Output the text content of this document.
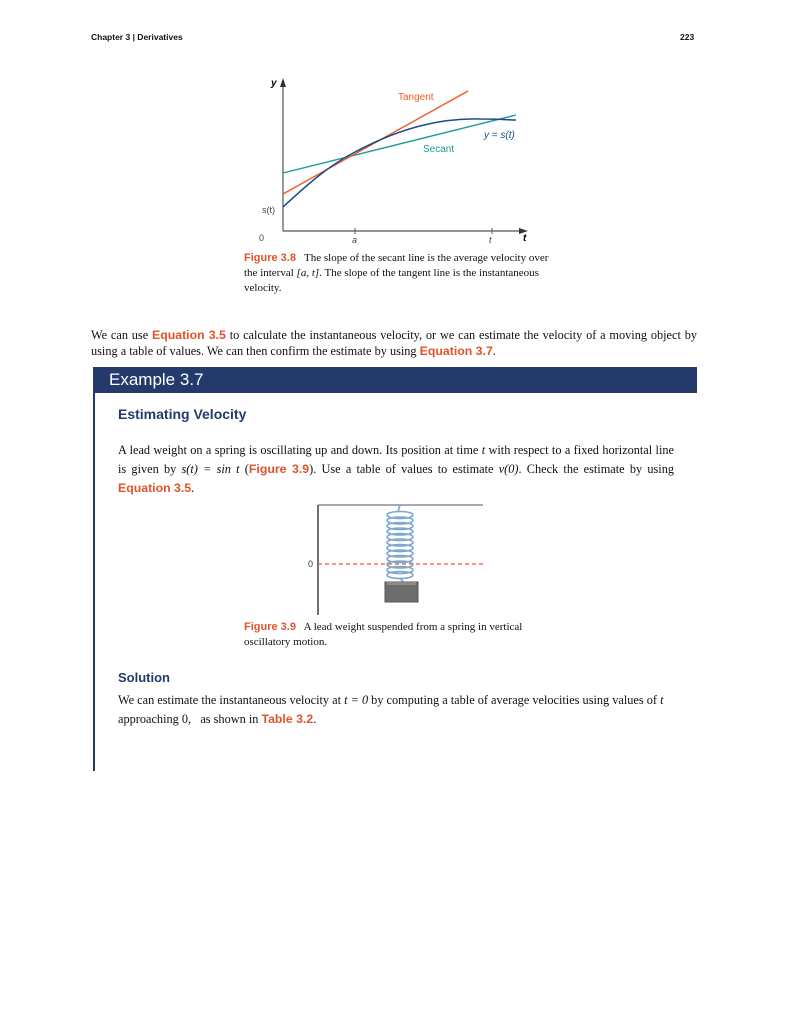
Chapter 3 | Derivatives	223
y
t
0	a	t
s(t)
Tangent
Secant
y = s(t)
Figure 3.8 The slope of the secant line is the average velocity over the interval [a, t]. The slope of the tangent line is the instantaneous velocity.
We can use Equation 3.5 to calculate the instantaneous velocity, or we can estimate the velocity of a moving object by using a table of values. We can then confirm the estimate by using Equation 3.7.
Example 3.7
Estimating Velocity
A lead weight on a spring is oscillating up and down. Its position at time t with respect to a fixed horizontal line is given by s(t) = sin t (Figure 3.9). Use a table of values to estimate v(0). Check the estimate by using Equation 3.5.
0
Figure 3.9 A lead weight suspended from a spring in vertical oscillatory motion.
Solution
We can estimate the instantaneous velocity at t = 0 by computing a table of average velocities using values of t approaching 0,   as shown in Table 3.2.
